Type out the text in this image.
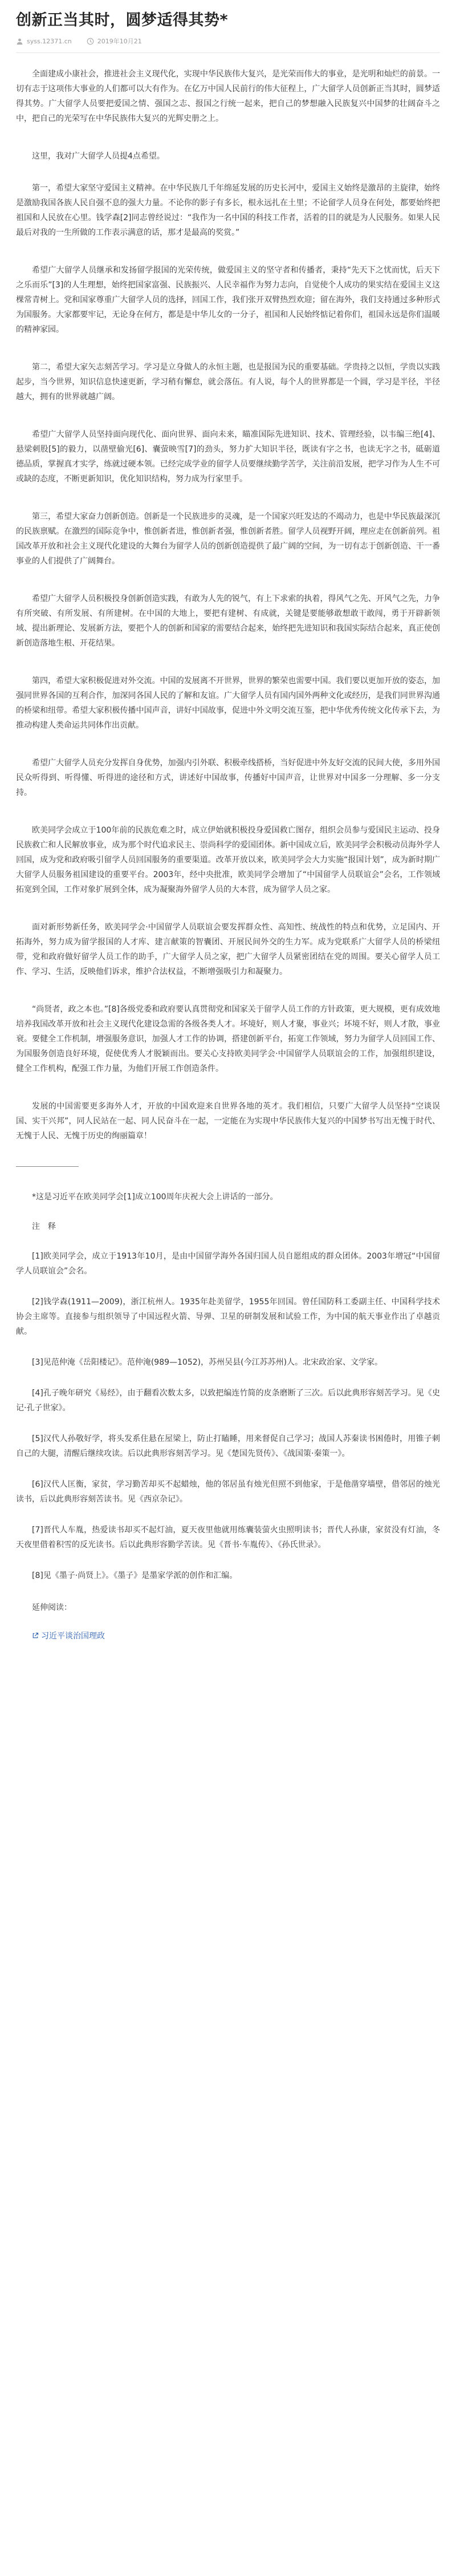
创新正当其时，圆梦适得其势*
syss.12371.cn	2019年10月21

全面建成小康社会，推进社会主义现代化，实现中华民族伟大复兴，是光荣而伟大的事业，是光明和灿烂的前景。一切有志于这项伟大事业的人们都可以大有作为。在亿万中国人民前行的伟大征程上，广大留学人员创新正当其时，圆梦适得其势。广大留学人员要把爱国之情、强国之志、报国之行统一起来，把自己的梦想融入民族复兴中国梦的壮阔奋斗之中，把自己的光荣写在中华民族伟大复兴的光辉史册之上。

这里，我对广大留学人员提4点希望。

第一，希望大家坚守爱国主义精神。在中华民族几千年绵延发展的历史长河中，爱国主义始终是激昂的主旋律，始终是激励我国各族人民自强不息的强大力量。不论你的影子有多长，根永远扎在土里；不论留学人员身在何处，都要始终把祖国和人民放在心里。钱学森[2]同志曾经说过：“我作为一名中国的科技工作者，活着的目的就是为人民服务。如果人民最后对我的一生所做的工作表示满意的话，那才是最高的奖赏。”

希望广大留学人员继承和发扬留学报国的光荣传统，做爱国主义的坚守者和传播者，秉持“先天下之忧而忧，后天下之乐而乐”[3]的人生理想，始终把国家富强、民族振兴、人民幸福作为努力志向，自觉使个人成功的果实结在爱国主义这棵常青树上。党和国家尊重广大留学人员的选择，回国工作，我们张开双臂热烈欢迎；留在海外，我们支持通过多种形式为国服务。大家都要牢记，无论身在何方，都是是中华儿女的一分子，祖国和人民始终惦记着你们，祖国永远是你们温暖的精神家园。

第二，希望大家矢志刻苦学习。学习是立身做人的永恒主题，也是报国为民的重要基础。学贵持之以恒，学贵以实践起步，当今世界，知识信息快速更新，学习稍有懈怠，就会落伍。有人说，每个人的世界都是一个圆，学习是半径，半径越大，拥有的世界就越广阔。

希望广大留学人员坚持面向现代化、面向世界、面向未来，瞄准国际先进知识、技术、管理经验，以韦编三绝[4]、悬梁刺股[5]的毅力，以凿壁偷光[6]、囊萤映雪[7]的劲头，努力扩大知识半径，既读有字之书，也读无字之书，砥砺道德品质，掌握真才实学，练就过硬本领。已经完成学业的留学人员要继续勤学苦学，关注前沿发展，把学习作为人生不可或缺的态度，不断更新知识，优化知识结构，努力成为行家里手。

第三，希望大家奋力创新创造。创新是一个民族进步的灵魂，是一个国家兴旺发达的不竭动力，也是中华民族最深沉的民族禀赋。在激烈的国际竞争中，惟创新者进，惟创新者强，惟创新者胜。留学人员视野开阔，理应走在创新前列。祖国改革开放和社会主义现代化建设的大舞台为留学人员的创新创造提供了最广阔的空间，为一切有志于创新创造、干一番事业的人们提供了广阔舞台。

希望广大留学人员积极投身创新创造实践，有敢为人先的锐气，有上下求索的执着，得风气之先、开风气之先，力争有所突破、有所发展、有所建树。在中国的大地上，要把有建树、有成就，关键是要能够敢想敢干敢闯，勇于开辟新领域、提出新理论、发展新方法，要把个人的创新和国家的需要结合起来，始终把先进知识和我国实际结合起来，真正使创新创造落地生根、开花结果。

第四，希望大家积极促进对外交流。中国的发展离不开世界，世界的繁荣也需要中国。我们要以更加开放的姿态，加强同世界各国的互利合作，加深同各国人民的了解和友谊。广大留学人员有国内国外两种文化或经历，是我们同世界沟通的桥梁和纽带。希望大家积极传播中国声音，讲好中国故事，促进中外文明交流互鉴，把中华优秀传统文化传承下去，为推动构建人类命运共同体作出贡献。

希望广大留学人员充分发挥自身优势，加强内引外联、积极牵线搭桥，当好促进中外友好交流的民间大使，多用外国民众听得到、听得懂、听得进的途径和方式，讲述好中国故事，传播好中国声音，让世界对中国多一分理解、多一分支持。

欧美同学会成立于100年前的民族危难之时，成立伊始就积极投身爱国救亡图存，组织会员参与爱国民主运动、投身民族救亡和人民解放事业，成为那个时代追求民主、崇尚科学的爱国团体。新中国成立后，欧美同学会积极动员海外学人回国，成为党和政府吸引留学人员回国服务的重要渠道。改革开放以来，欧美同学会大力实施“报国计划”，成为新时期广大留学人员服务祖国建设的重要平台。2003年，经中央批准，欧美同学会增加了“中国留学人员联谊会”会名，工作领域拓宽到全国，工作对象扩展到全体，成为凝聚海外留学人员的大本营，成为留学人员之家。

面对新形势新任务，欧美同学会·中国留学人员联谊会要发挥群众性、高知性、统战性的特点和优势，立足国内、开拓海外，努力成为留学报国的人才库、建言献策的智囊团、开展民间外交的生力军。成为党联系广大留学人员的桥梁纽带，党和政府做好留学人员工作的助手，广大留学人员之家，把广大留学人员紧密团结在党的周围。要关心留学人员工作、学习、生活，反映他们诉求，维护合法权益，不断增强吸引力和凝聚力。

“尚贤者，政之本也。”[8]各级党委和政府要认真贯彻党和国家关于留学人员工作的方针政策，更大规模，更有成效地培养我国改革开放和社会主义现代化建设急需的各级各类人才。坏境好，则人才聚，事业兴；坏境不好，则人才散，事业衰。要健全工作机制，增强服务意识，加强人才工作的协调，搭建创新平台，拓宽工作领域，努力为留学人员回国工作、为国服务创造良好环境，促使优秀人才脱颖而出。要关心支持欧美同学会·中国留学人员联谊会的工作，加强组织建设，健全工作机构，配强工作力量，为他们开展工作创造条件。

发展的中国需要更多海外人才，开放的中国欢迎来自世界各地的英才。我们相信，只要广大留学人员坚持“空谈误国、实干兴邦”，同人民站在一起、同人民奋斗在一起，一定能在为实现中华民族伟大复兴的中国梦书写出无愧于时代、无愧于人民、无愧于历史的绚丽篇章！

*这是习近平在欧美同学会[1]成立100周年庆祝大会上讲话的一部分。
注　释
[1]欧美同学会，成立于1913年10月，是由中国留学海外各国归国人员自愿组成的群众团体。2003年增冠“中国留学人员联谊会”会名。
[2]钱学森(1911—2009)，浙江杭州人。1935年赴美留学，1955年回国。曾任国防科工委副主任、中国科学技术协会主席等。直接参与组织领导了中国远程火箭、导弹、卫星的研制发展和试验工作，为中国的航天事业作出了卓越贡献。
[3]见范仲淹《岳阳楼记》。范仲淹(989—1052)，苏州吴县(今江苏苏州)人。北宋政治家、文学家。
[4]孔子晚年研究《易经》，由于翻看次数太多，以致把编连竹简的皮条磨断了三次。后以此典形容刻苦学习。见《史记·孔子世家》。
[5]汉代人孙敬好学，将头发系住悬在屋梁上，防止打瞌睡，用来督促自己学习；战国人苏秦读书困倦时，用锥子刺自己的大腿，清醒后继续攻读。后以此典形容刻苦学习。见《楚国先贤传》、《战国策·秦策一》。
[6]汉代人匡衡，家贫，学习勤苦却买不起蜡烛，他的邻居虽有烛光但照不到他家，于是他凿穿墙壁，借邻居的烛光读书，后以此典形容刻苦读书。见《西京杂记》。
[7]晋代人车胤，热爱读书却买不起灯油，夏天夜里他就用练囊装萤火虫照明读书；晋代人孙康，家贫没有灯油，冬天夜里借着积雪的反光读书。后以此典形容勤学苦读。见《晋书·车胤传》、《孙氏世录》。
[8]见《墨子·尚贤上》。《墨子》是墨家学派的创作和汇编。
延伸阅读：
习近平谈治国理政
